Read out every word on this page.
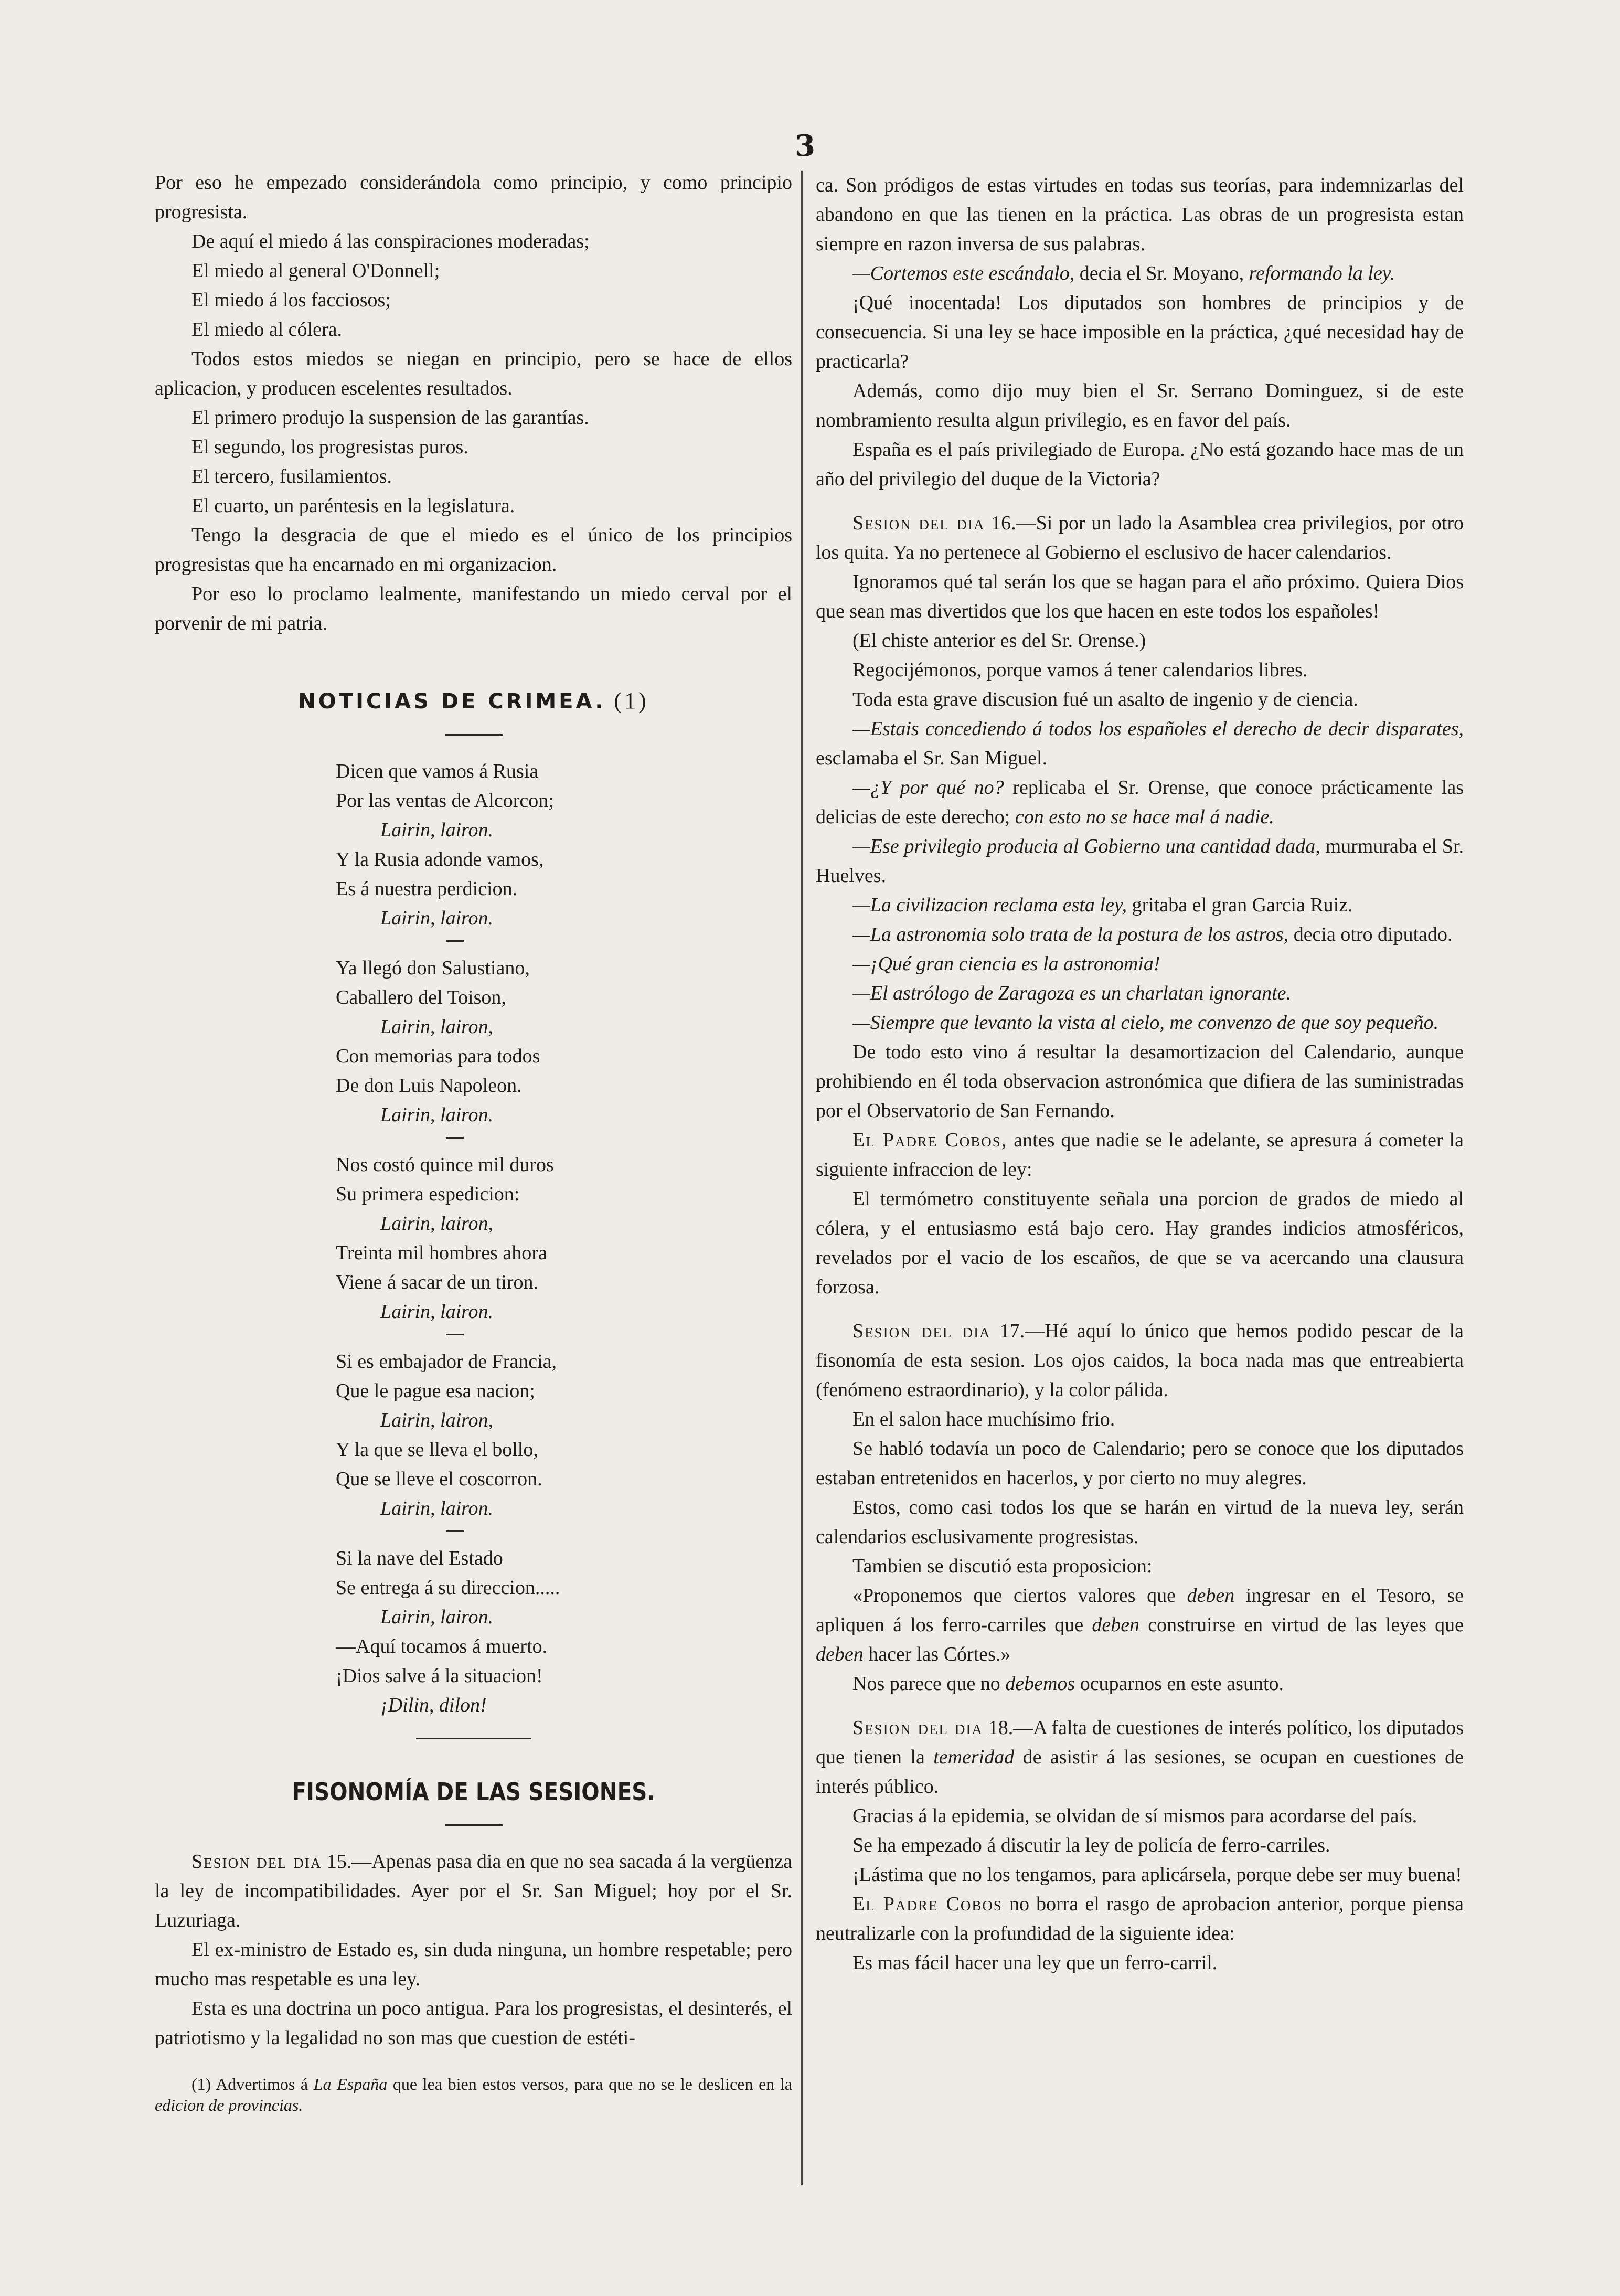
3

Por eso he empezado considerándola como principio, y como principio progresista.

De aquí el miedo á las conspiraciones moderadas;

El miedo al general O'Donnell;

El miedo á los facciosos;

El miedo al cólera.

Todos estos miedos se niegan en principio, pero se hace de ellos aplicacion, y producen escelentes resultados.

El primero produjo la suspension de las garantías.

El segundo, los progresistas puros.

El tercero, fusilamientos.

El cuarto, un paréntesis en la legislatura.

Tengo la desgracia de que el miedo es el único de los principios progresistas que ha encarnado en mi organizacion.

Por eso lo proclamo lealmente, manifestando un miedo cerval por el porvenir de mi patria.

NOTICIAS DE CRIMEA. (1)
Dicen que vamos á Rusia
Por las ventas de Alcorcon;
Lairin, lairon.
Y la Rusia adonde vamos,
Es á nuestra perdicion.
Lairin, lairon.
Ya llegó don Salustiano,
Caballero del Toison,
Lairin, lairon,
Con memorias para todos
De don Luis Napoleon.
Lairin, lairon.
Nos costó quince mil duros
Su primera espedicion:
Lairin, lairon,
Treinta mil hombres ahora
Viene á sacar de un tiron.
Lairin, lairon.
Si es embajador de Francia,
Que le pague esa nacion;
Lairin, lairon,
Y la que se lleva el bollo,
Que se lleve el coscorron.
Lairin, lairon.
Si la nave del Estado
Se entrega á su direccion.....
Lairin, lairon.
—Aquí tocamos á muerto.
¡Dios salve á la situacion!
¡Dilin, dilon!
FISONOMÍA DE LAS SESIONES.

Sesion del dia 15.—Apenas pasa dia en que no sea sacada á la vergüenza la ley de incompatibilidades. Ayer por el Sr. San Miguel; hoy por el Sr. Luzuriaga.

El ex-ministro de Estado es, sin duda ninguna, un hombre respetable; pero mucho mas respetable es una ley.

Esta es una doctrina un poco antigua. Para los progresistas, el desinterés, el patriotismo y la legalidad no son mas que cuestion de estéti-

(1) Advertimos á La España que lea bien estos versos, para que no se le deslicen en la edicion de provincias.

ca. Son pródigos de estas virtudes en todas sus teorías, para indemnizarlas del abandono en que las tienen en la práctica. Las obras de un progresista estan siempre en razon inversa de sus palabras.

—Cortemos este escándalo, decia el Sr. Moyano, reformando la ley.

¡Qué inocentada! Los diputados son hombres de principios y de consecuencia. Si una ley se hace imposible en la práctica, ¿qué necesidad hay de practicarla?

Además, como dijo muy bien el Sr. Serrano Dominguez, si de este nombramiento resulta algun privilegio, es en favor del país.

España es el país privilegiado de Europa. ¿No está gozando hace mas de un año del privilegio del duque de la Victoria?

Sesion del dia 16.—Si por un lado la Asamblea crea privilegios, por otro los quita. Ya no pertenece al Gobierno el esclusivo de hacer calendarios.

Ignoramos qué tal serán los que se hagan para el año próximo. Quiera Dios que sean mas divertidos que los que hacen en este todos los españoles!

(El chiste anterior es del Sr. Orense.)

Regocijémonos, porque vamos á tener calendarios libres.

Toda esta grave discusion fué un asalto de ingenio y de ciencia.

—Estais concediendo á todos los españoles el derecho de decir disparates, esclamaba el Sr. San Miguel.

—¿Y por qué no? replicaba el Sr. Orense, que conoce prácticamente las delicias de este derecho; con esto no se hace mal á nadie.

—Ese privilegio producia al Gobierno una cantidad dada, murmuraba el Sr. Huelves.

—La civilizacion reclama esta ley, gritaba el gran Garcia Ruiz.

—La astronomia solo trata de la postura de los astros, decia otro diputado.

—¡Qué gran ciencia es la astronomia!

—El astrólogo de Zaragoza es un charlatan ignorante.

—Siempre que levanto la vista al cielo, me convenzo de que soy pequeño.

De todo esto vino á resultar la desamortizacion del Calendario, aunque prohibiendo en él toda observacion astronómica que difiera de las suministradas por el Observatorio de San Fernando.

El Padre Cobos, antes que nadie se le adelante, se apresura á cometer la siguiente infraccion de ley:

El termómetro constituyente señala una porcion de grados de miedo al cólera, y el entusiasmo está bajo cero. Hay grandes indicios atmosféricos, revelados por el vacio de los escaños, de que se va acercando una clausura forzosa.

Sesion del dia 17.—Hé aquí lo único que hemos podido pescar de la fisonomía de esta sesion. Los ojos caidos, la boca nada mas que entreabierta (fenómeno estraordinario), y la color pálida.

En el salon hace muchísimo frio.

Se habló todavía un poco de Calendario; pero se conoce que los diputados estaban entretenidos en hacerlos, y por cierto no muy alegres.

Estos, como casi todos los que se harán en virtud de la nueva ley, serán calendarios esclusivamente progresistas.

Tambien se discutió esta proposicion:

«Proponemos que ciertos valores que deben ingresar en el Tesoro, se apliquen á los ferro-carriles que deben construirse en virtud de las leyes que deben hacer las Córtes.»

Nos parece que no debemos ocuparnos en este asunto.

Sesion del dia 18.—A falta de cuestiones de interés político, los diputados que tienen la temeridad de asistir á las sesiones, se ocupan en cuestiones de interés público.

Gracias á la epidemia, se olvidan de sí mismos para acordarse del país.

Se ha empezado á discutir la ley de policía de ferro-carriles.

¡Lástima que no los tengamos, para aplicársela, porque debe ser muy buena!

El Padre Cobos no borra el rasgo de aprobacion anterior, porque piensa neutralizarle con la profundidad de la siguiente idea:

Es mas fácil hacer una ley que un ferro-carril.
